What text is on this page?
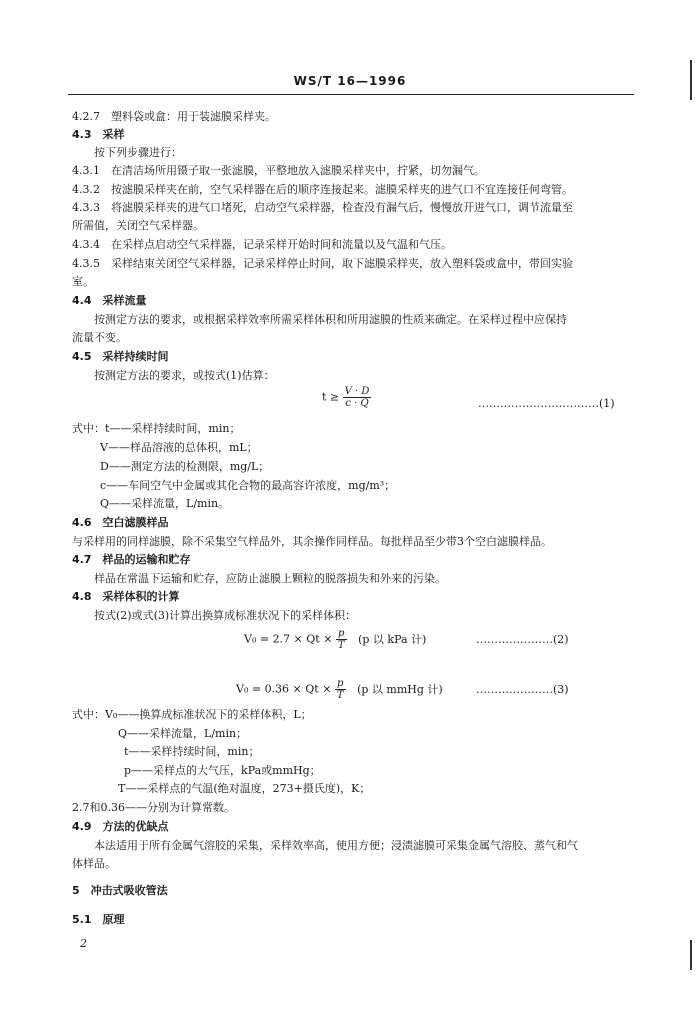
WS/T 16—1996
4.2.7　塑料袋或盒：用于装滤膜采样夹。
4.3　采样
按下列步骤进行：
4.3.1　在清洁场所用镊子取一张滤膜，平整地放入滤膜采样夹中，拧紧，切勿漏气。
4.3.2　按滤膜采样夹在前，空气采样器在后的顺序连接起来。滤膜采样夹的进气口不宜连接任何弯管。
4.3.3　将滤膜采样夹的进气口堵死，启动空气采样器，检查没有漏气后，慢慢放开进气口，调节流量至
所需值，关闭空气采样器。
4.3.4　在采样点启动空气采样器，记录采样开始时间和流量以及气温和气压。
4.3.5　采样结束关闭空气采样器，记录采样停止时间，取下滤膜采样夹，放入塑料袋或盒中，带回实验
室。
4.4　采样流量
按测定方法的要求，或根据采样效率所需采样体积和所用滤膜的性质来确定。在采样过程中应保持
流量不变。
4.5　采样持续时间
按测定方法的要求，或按式(1)估算：
$t \ge \frac{V \cdot D}{c \cdot Q}$	……………………………(1)
式中：t——采样持续时间，min；
V——样品溶液的总体积，mL；
D——测定方法的检测限，mg/L；
c——车间空气中金属或其化合物的最高容许浓度，mg/m³；
Q——采样流量，L/min。
4.6　空白滤膜样品
与采样用的同样滤膜，除不采集空气样品外，其余操作同样品。每批样品至少带3个空白滤膜样品。
4.7　样品的运输和贮存
样品在常温下运输和贮存，应防止滤膜上颗粒的脱落损失和外来的污染。
4.8　采样体积的计算
按式(2)或式(3)计算出换算成标准状况下的采样体积：
$V_0 = 2.7 \times Qt \times \frac{p}{T} (p$ 以 kPa 计)	…………………(2)
$V_0 = 0.36 \times Qt \times \frac{p}{T} (p$ 以 mmHg 计)	…………………(3)
式中：V₀——换算成标准状况下的采样体积，L；
Q——采样流量，L/min；
t——采样持续时间，min；
p——采样点的大气压，kPa或mmHg；
T——采样点的气温(绝对温度，273+摄氏度)，K；
2.7和0.36——分别为计算常数。
4.9　方法的优缺点
本法适用于所有金属气溶胶的采集，采样效率高，使用方便；浸渍滤膜可采集金属气溶胶、蒸气和气
体样品。
5　冲击式吸收管法
5.1　原理
2
